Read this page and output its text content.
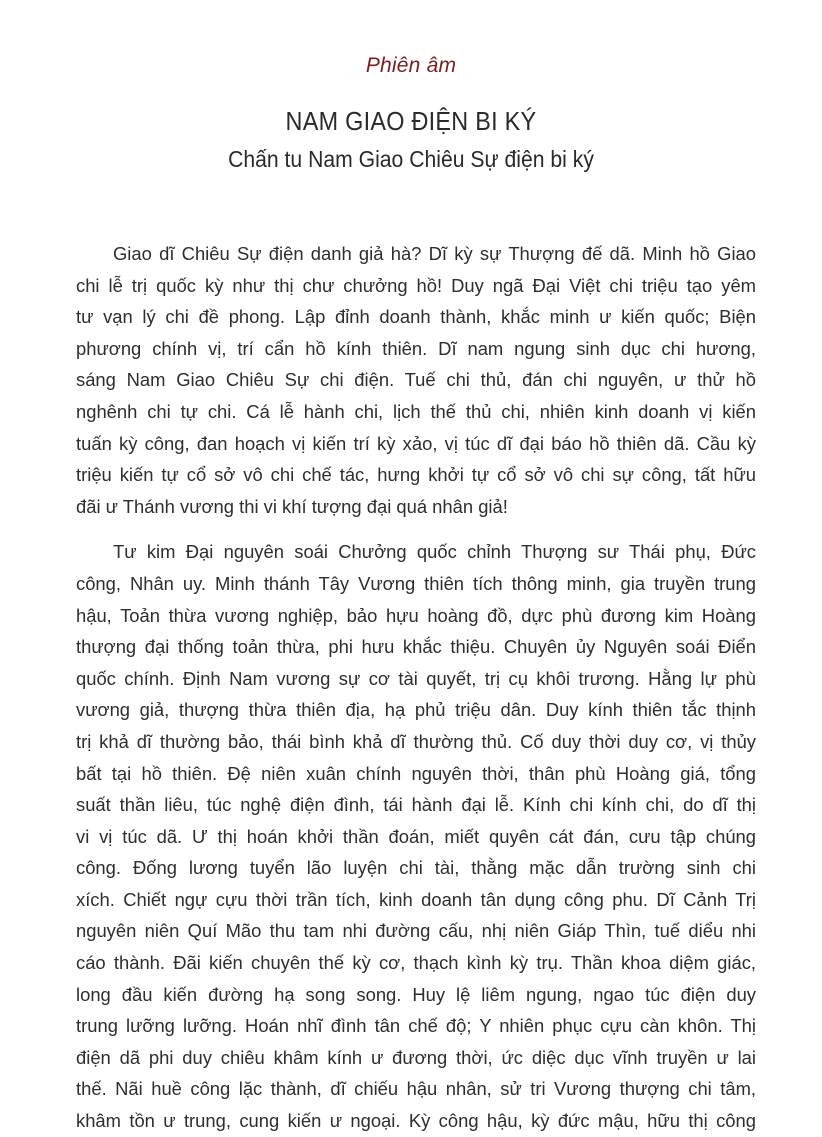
Phiên âm
NAM GIAO ĐIỆN BI KÝ
Chấn tu Nam Giao Chiêu Sự điện bi ký
Giao dĩ Chiêu Sự điện danh giả hà? Dĩ kỳ sự Thượng đế dã. Minh hồ Giao
chi lễ trị quốc kỳ như thị chư chưởng hồ! Duy ngã Đại Việt chi triệu tạo yêm
tư vạn lý chi đề phong. Lập đỉnh doanh thành, khắc minh ư kiến quốc; Biện
phương chính vị, trí cẩn hồ kính thiên. Dĩ nam ngung sinh dục chi hương,
sáng Nam Giao Chiêu Sự chi điện. Tuế chi thủ, đán chi nguyên, ư thử hồ
nghênh chi tự chi. Cá lễ hành chi, lịch thế thủ chi, nhiên kinh doanh vị kiến
tuấn kỳ công, đan hoạch vị kiến trí kỳ xảo, vị túc dĩ đại báo hồ thiên dã. Cầu kỳ
triệu kiến tự cổ sở vô chi chế tác, hưng khởi tự cổ sở vô chi sự công, tất hữu
đãi ư Thánh vương thi vi khí tượng đại quá nhân giả!
Tư kim Đại nguyên soái Chưởng quốc chỉnh Thượng sư Thái phụ, Đức
công, Nhân uy. Minh thánh Tây Vương thiên tích thông minh, gia truyền trung
hậu, Toản thừa vương nghiệp, bảo hựu hoàng đồ, dực phù đương kim Hoàng
thượng đại thống toản thừa, phi hưu khắc thiệu. Chuyên ủy Nguyên soái Điển
quốc chính. Định Nam vương sự cơ tài quyết, trị cụ khôi trương. Hằng lự phù
vương giả, thượng thừa thiên địa, hạ phủ triệu dân. Duy kính thiên tắc thịnh
trị khả dĩ thường bảo, thái bình khả dĩ thường thủ. Cố duy thời duy cơ, vị thủy
bất tại hồ thiên. Đệ niên xuân chính nguyên thời, thân phù Hoàng giá, tổng
suất thần liêu, túc nghệ điện đình, tái hành đại lễ. Kính chi kính chi, do dĩ thị
vi vị túc dã. Ư thị hoán khởi thần đoán, miết quyên cát đán, cưu tập chúng
công. Đống lương tuyển lão luyện chi tài, thằng mặc dẫn trường sinh chi
xích. Chiết ngự cựu thời trần tích, kinh doanh tân dụng công phu. Dĩ Cảnh Trị
nguyên niên Quí Mão thu tam nhi đường cấu, nhị niên Giáp Thìn, tuế diểu nhi
cáo thành. Đãi kiến chuyên thế kỳ cơ, thạch kình kỳ trụ. Thần khoa diệm giác,
long đầu kiến đường hạ song song. Huy lệ liêm ngung, ngao túc điện duy
trung lưỡng lưỡng. Hoán nhĩ đình tân chế độ; Y nhiên phục cựu càn khôn. Thị
điện dã phi duy chiêu khâm kính ư đương thời, ức diệc dục vĩnh truyền ư lai
thế. Nãi huề công lặc thành, dĩ chiếu hậu nhân, sử tri Vương thượng chi tâm,
khâm tồn ư trung, cung kiến ư ngoại. Kỳ công hậu, kỳ đức mậu, hữu thị công
